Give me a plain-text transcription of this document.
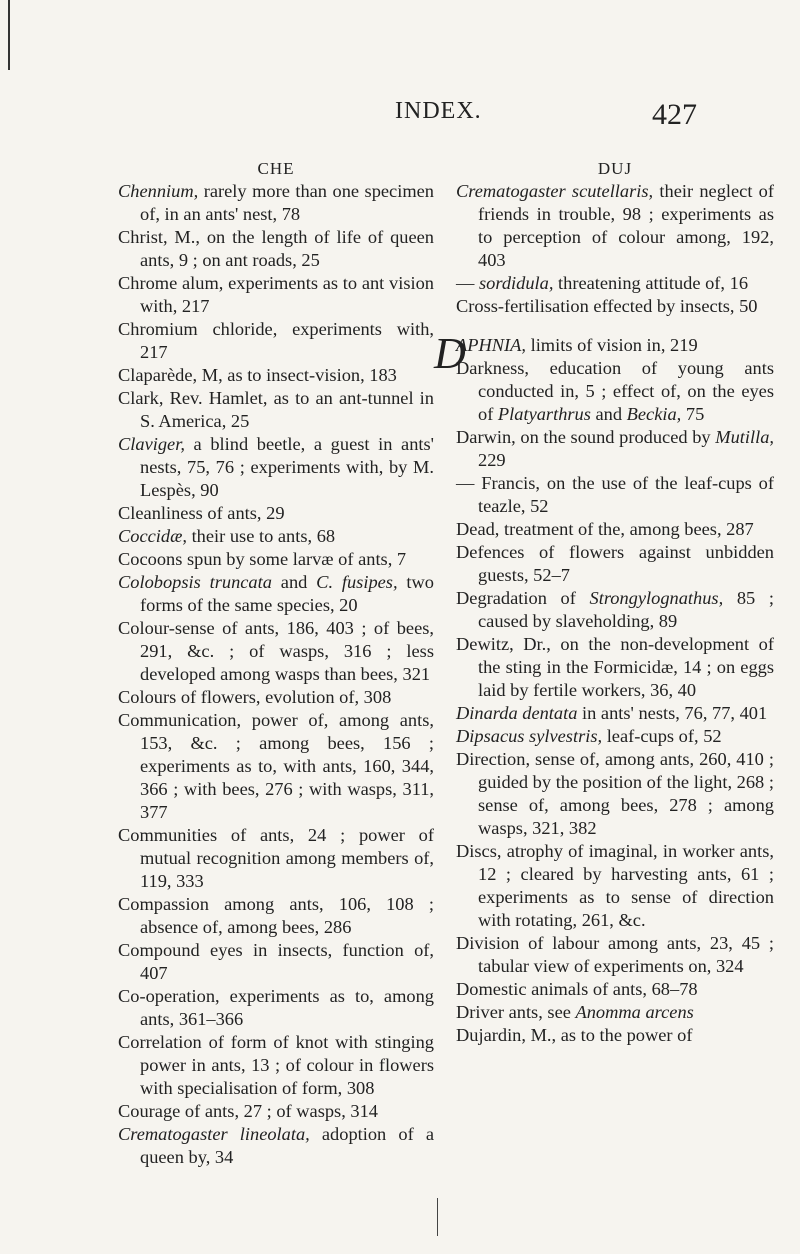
INDEX.	427
CHE

Chennium, rarely more than one specimen of, in an ants' nest, 78

Christ, M., on the length of life of queen ants, 9 ; on ant roads, 25

Chrome alum, experiments as to ant vision with, 217

Chromium chloride, experiments with, 217

Claparède, M, as to insect-vision, 183

Clark, Rev. Hamlet, as to an ant-tunnel in S. America, 25

Claviger, a blind beetle, a guest in ants' nests, 75, 76 ; experiments with, by M. Lespès, 90

Cleanliness of ants, 29

Coccidæ, their use to ants, 68

Cocoons spun by some larvæ of ants, 7

Colobopsis truncata and C. fusipes, two forms of the same species, 20

Colour-sense of ants, 186, 403 ; of bees, 291, &c. ; of wasps, 316 ; less developed among wasps than bees, 321

Colours of flowers, evolution of, 308

Communication, power of, among ants, 153, &c. ; among bees, 156 ; experiments as to, with ants, 160, 344, 366 ; with bees, 276 ; with wasps, 311, 377

Communities of ants, 24 ; power of mutual recognition among members of, 119, 333

Compassion among ants, 106, 108 ; absence of, among bees, 286

Compound eyes in insects, function of, 407

Co-operation, experiments as to, among ants, 361–366

Correlation of form of knot with stinging power in ants, 13 ; of colour in flowers with specialisation of form, 308

Courage of ants, 27 ; of wasps, 314

Crematogaster lineolata, adoption of a queen by, 34

DUJ

Crematogaster scutellaris, their neglect of friends in trouble, 98 ; experiments as to perception of colour among, 192, 403

— sordidula, threatening attitude of, 16

Cross-fertilisation effected by insects, 50

D
APHNIA, limits of vision in, 219

Darkness, education of young ants conducted in, 5 ; effect of, on the eyes of Platyarthrus and Beckia, 75

Darwin, on the sound produced by Mutilla, 229

— Francis, on the use of the leaf-cups of teazle, 52

Dead, treatment of the, among bees, 287

Defences of flowers against unbidden guests, 52–7

Degradation of Strongylognathus, 85 ; caused by slaveholding, 89

Dewitz, Dr., on the non-development of the sting in the Formicidæ, 14 ; on eggs laid by fertile workers, 36, 40

Dinarda dentata in ants' nests, 76, 77, 401

Dipsacus sylvestris, leaf-cups of, 52

Direction, sense of, among ants, 260, 410 ; guided by the position of the light, 268 ; sense of, among bees, 278 ; among wasps, 321, 382

Discs, atrophy of imaginal, in worker ants, 12 ; cleared by harvesting ants, 61 ; experiments as to sense of direction with rotating, 261, &c.

Division of labour among ants, 23, 45 ; tabular view of experiments on, 324

Domestic animals of ants, 68–78

Driver ants, see Anomma arcens

Dujardin, M., as to the power of
